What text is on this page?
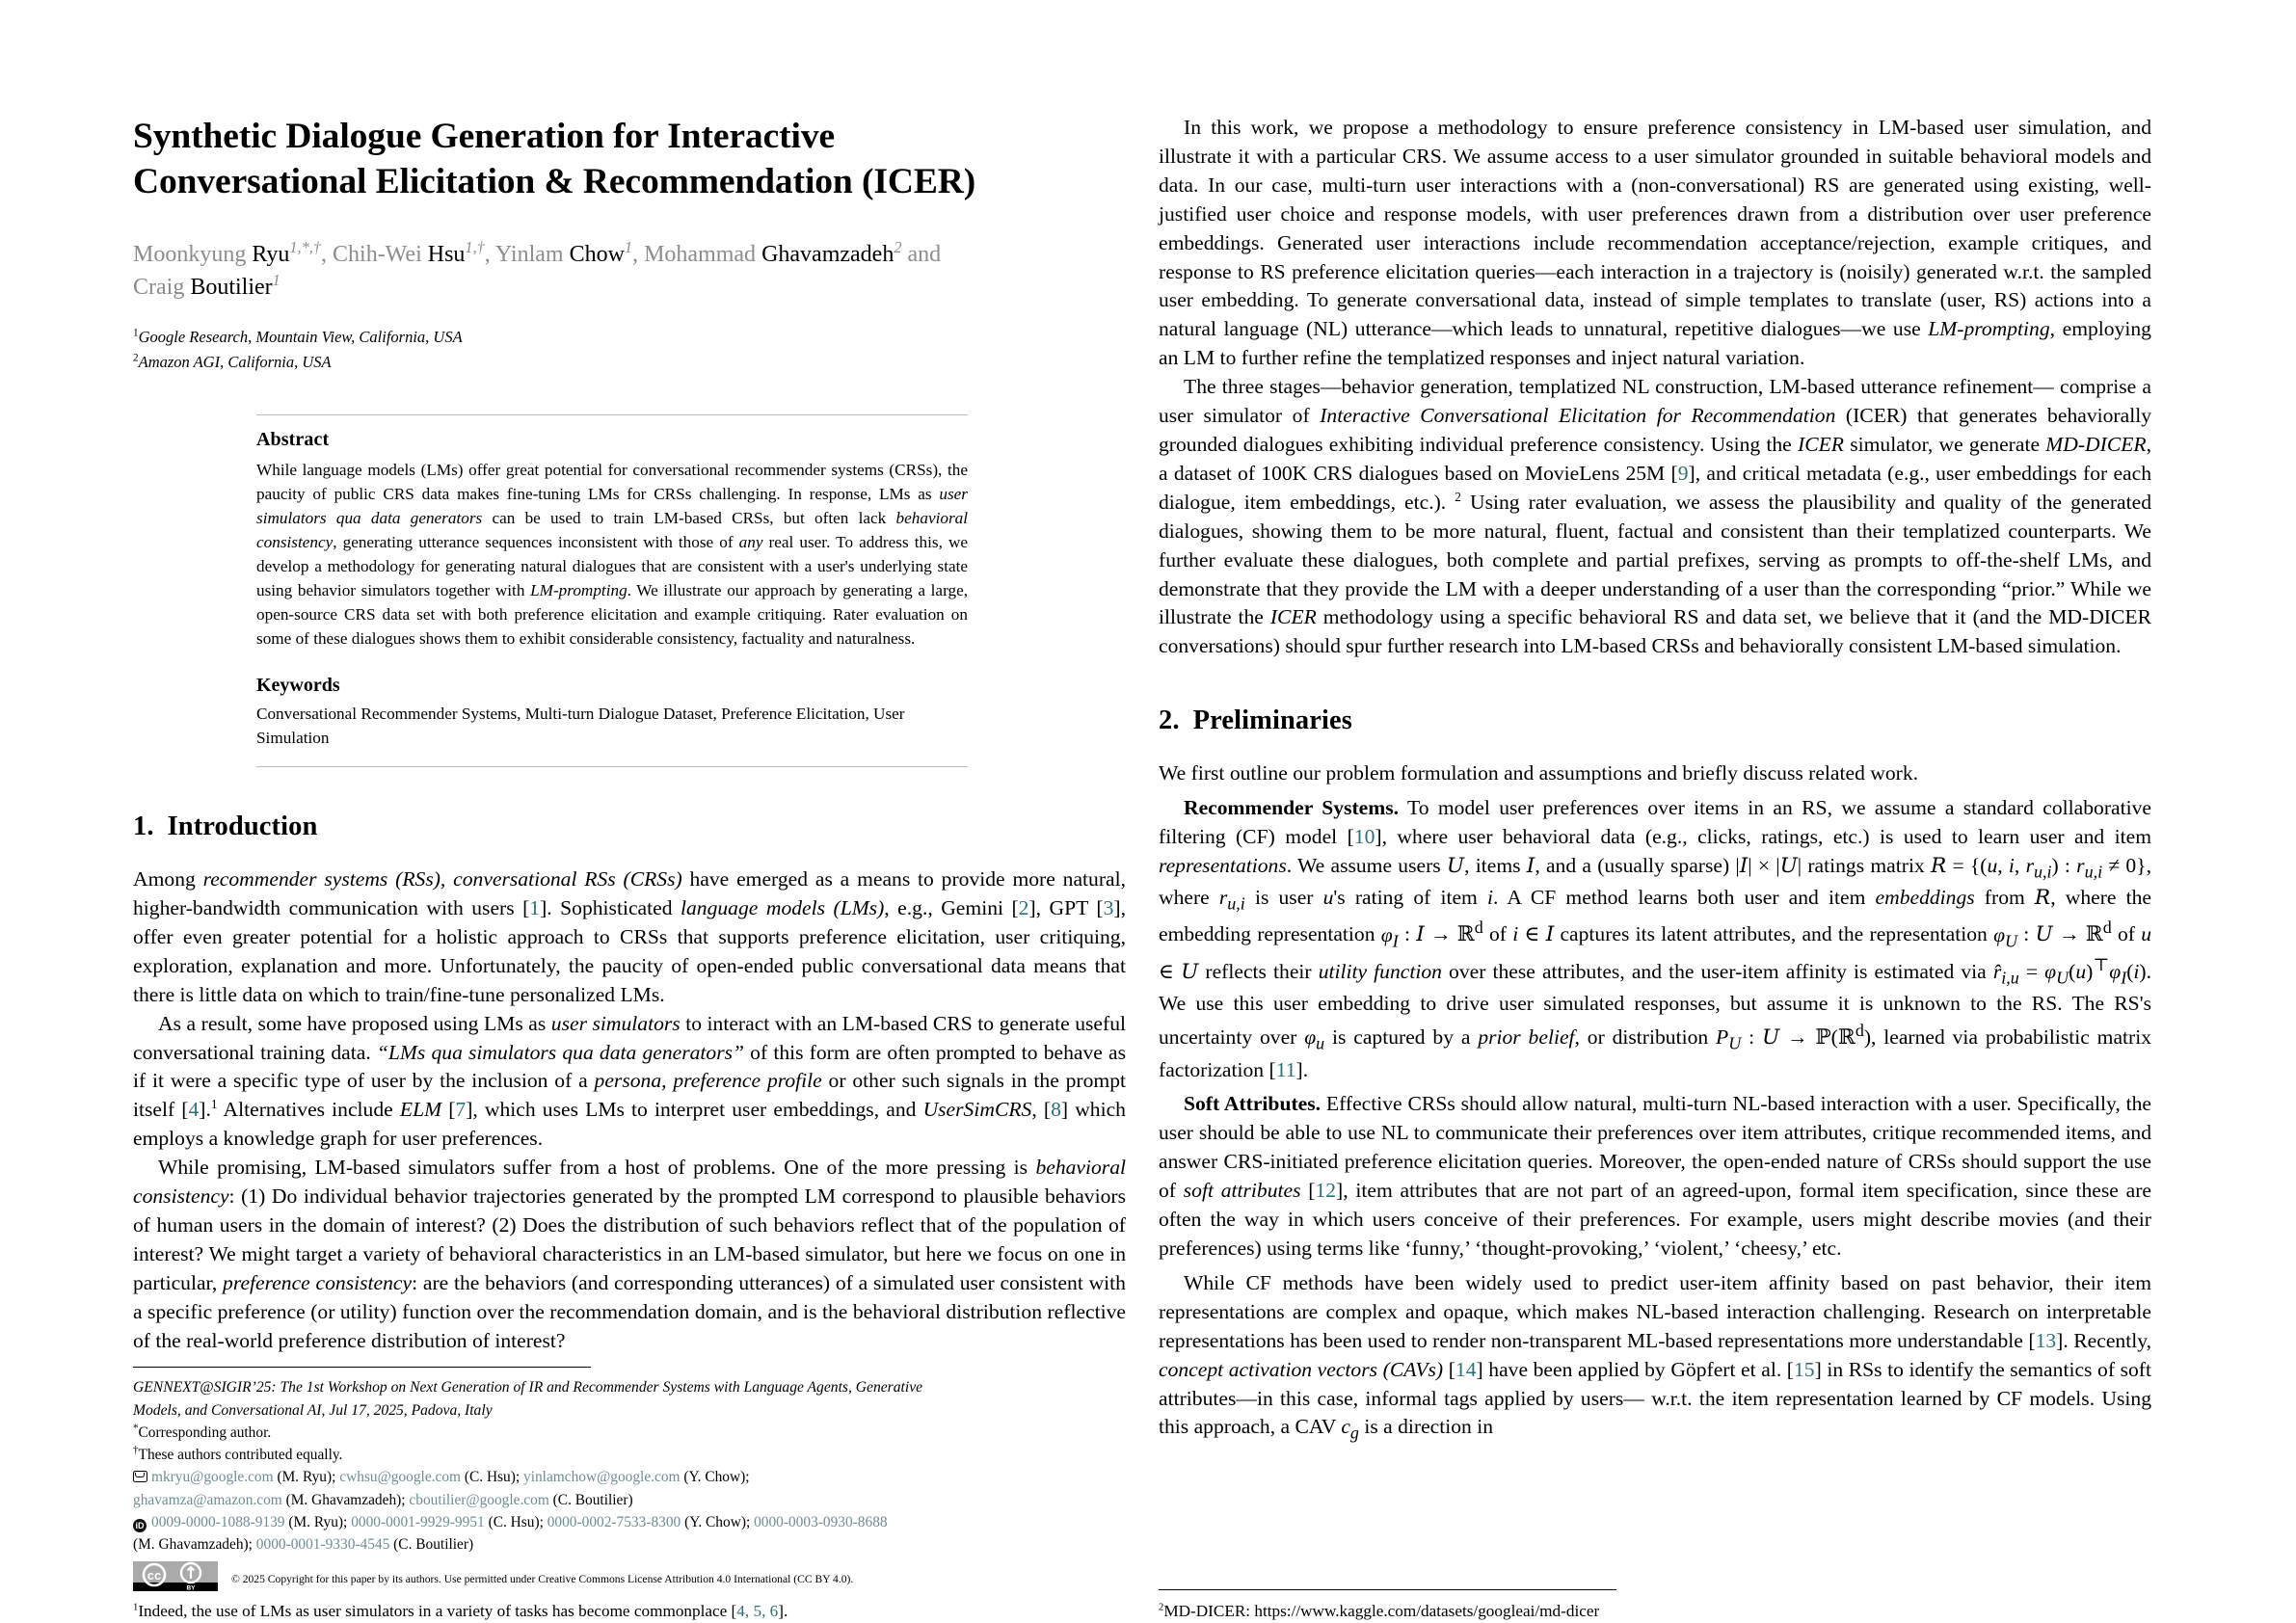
Synthetic Dialogue Generation for Interactive
Conversational Elicitation & Recommendation (ICER)
Moonkyung Ryu$^{1,*,\dagger}$, Chih-Wei Hsu$^{1,\dagger}$, Yinlam Chow$^1$, Mohammad Ghavamzadeh$^2$ and
Craig Boutilier$^1$
$^1$Google Research, Mountain View, California, USA
$^2$Amazon AGI, California, USA
Abstract
While language models (LMs) offer great potential for conversational recommender systems (CRSs), the paucity of public CRS data makes fine-tuning LMs for CRSs challenging. In response, LMs as user simulators qua data generators can be used to train LM-based CRSs, but often lack behavioral consistency, generating utterance sequences inconsistent with those of any real user. To address this, we develop a methodology for generating natural dialogues that are consistent with a user's underlying state using behavior simulators together with LM-prompting. We illustrate our approach by generating a large, open-source CRS data set with both preference elicitation and example critiquing. Rater evaluation on some of these dialogues shows them to exhibit considerable consistency, factuality and naturalness.
Keywords
Conversational Recommender Systems, Multi-turn Dialogue Dataset, Preference Elicitation, User Simulation
1. Introduction

Among recommender systems (RSs), conversational RSs (CRSs) have emerged as a means to provide more natural, higher-bandwidth communication with users [1]. Sophisticated language models (LMs), e.g., Gemini [2], GPT [3], offer even greater potential for a holistic approach to CRSs that supports preference elicitation, user critiquing, exploration, explanation and more. Unfortunately, the paucity of open-ended public conversational data means that there is little data on which to train/fine-tune personalized LMs.

As a result, some have proposed using LMs as user simulators to interact with an LM-based CRS to generate useful conversational training data. “LMs qua simulators qua data generators” of this form are often prompted to behave as if it were a specific type of user by the inclusion of a persona, preference profile or other such signals in the prompt itself [4].$^1$ Alternatives include ELM [7], which uses LMs to interpret user embeddings, and UserSimCRS, [8] which employs a knowledge graph for user preferences.

While promising, LM-based simulators suffer from a host of problems. One of the more pressing is behavioral consistency: (1) Do individual behavior trajectories generated by the prompted LM correspond to plausible behaviors of human users in the domain of interest? (2) Does the distribution of such behaviors reflect that of the population of interest? We might target a variety of behavioral characteristics in an LM-based simulator, but here we focus on one in particular, preference consistency: are the behaviors (and corresponding utterances) of a simulated user consistent with a specific preference (or utility) function over the recommendation domain, and is the behavioral distribution reflective of the real-world preference distribution of interest?

GENNEXT@SIGIR’25: The 1st Workshop on Next Generation of IR and Recommender Systems with Language Agents, Generative

Models, and Conversational AI, Jul 17, 2025, Padova, Italy

*Corresponding author.

†These authors contributed equally.

mkryu@google.com (M. Ryu); cwhsu@google.com (C. Hsu); yinlamchow@google.com (Y. Chow);

ghavamza@amazon.com (M. Ghavamzadeh); cboutilier@google.com (C. Boutilier)

iD 0009-0000-1088-9139 (M. Ryu); 0000-0001-9929-9951 (C. Hsu); 0000-0002-7533-8300 (Y. Chow); 0000-0003-0930-8688

(M. Ghavamzadeh); 0000-0001-9330-4545 (C. Boutilier)

cc
BY
© 2025 Copyright for this paper by its authors. Use permitted under Creative Commons License Attribution 4.0 International (CC BY 4.0).

$^1$Indeed, the use of LMs as user simulators in a variety of tasks has become commonplace [4, 5, 6].

In this work, we propose a methodology to ensure preference consistency in LM-based user simulation, and illustrate it with a particular CRS. We assume access to a user simulator grounded in suitable behavioral models and data. In our case, multi-turn user interactions with a (non-conversational) RS are generated using existing, well-justified user choice and response models, with user preferences drawn from a distribution over user preference embeddings. Generated user interactions include recommendation acceptance/rejection, example critiques, and response to RS preference elicitation queries—each interaction in a trajectory is (noisily) generated w.r.t. the sampled user embedding. To generate conversational data, instead of simple templates to translate (user, RS) actions into a natural language (NL) utterance—which leads to unnatural, repetitive dialogues—we use LM-prompting, employing an LM to further refine the templatized responses and inject natural variation.

The three stages—behavior generation, templatized NL construction, LM-based utterance refinement— comprise a user simulator of Interactive Conversational Elicitation for Recommendation (ICER) that generates behaviorally grounded dialogues exhibiting individual preference consistency. Using the ICER simulator, we generate MD-DICER, a dataset of 100K CRS dialogues based on MovieLens 25M [9], and critical metadata (e.g., user embeddings for each dialogue, item embeddings, etc.). $^2$ Using rater evaluation, we assess the plausibility and quality of the generated dialogues, showing them to be more natural, fluent, factual and consistent than their templatized counterparts. We further evaluate these dialogues, both complete and partial prefixes, serving as prompts to off-the-shelf LMs, and demonstrate that they provide the LM with a deeper understanding of a user than the corresponding “prior.” While we illustrate the ICER methodology using a specific behavioral RS and data set, we believe that it (and the MD-DICER conversations) should spur further research into LM-based CRSs and behaviorally consistent LM-based simulation.

2. Preliminaries

We first outline our problem formulation and assumptions and briefly discuss related work.

Recommender Systems. To model user preferences over items in an RS, we assume a standard collaborative filtering (CF) model [10], where user behavioral data (e.g., clicks, ratings, etc.) is used to learn user and item representations. We assume users U, items I, and a (usually sparse) |I| × |U| ratings matrix R = {(u, i, $r_{u,i}$) : $r_{u,i} \ne 0$}, where $r_{u,i}$ is user u's rating of item i. A CF method learns both user and item embeddings from R, where the embedding representation $\varphi_I$ : I → ℝ$^d$ of i ∈ I captures its latent attributes, and the representation $\varphi_U$ : U → ℝ$^d$ of u ∈ U reflects their utility function over these attributes, and the user-item affinity is estimated via $r̂_{i,u} = \varphi_U(u)^⊤\varphi_I(i)$. We use this user embedding to drive user simulated responses, but assume it is unknown to the RS. The RS's uncertainty over $\varphi_u$ is captured by a prior belief, or distribution $P_U$ : U → ℙ(ℝ$^d$), learned via probabilistic matrix factorization [11].

Soft Attributes. Effective CRSs should allow natural, multi-turn NL-based interaction with a user. Specifically, the user should be able to use NL to communicate their preferences over item attributes, critique recommended items, and answer CRS-initiated preference elicitation queries. Moreover, the open-ended nature of CRSs should support the use of soft attributes [12], item attributes that are not part of an agreed-upon, formal item specification, since these are often the way in which users conceive of their preferences. For example, users might describe movies (and their preferences) using terms like ‘funny,’ ‘thought-provoking,’ ‘violent,’ ‘cheesy,’ etc.

While CF methods have been widely used to predict user-item affinity based on past behavior, their item representations are complex and opaque, which makes NL-based interaction challenging. Research on interpretable representations has been used to render non-transparent ML-based representations more understandable [13]. Recently, concept activation vectors (CAVs) [14] have been applied by Göpfert et al. [15] in RSs to identify the semantics of soft attributes—in this case, informal tags applied by users— w.r.t. the item representation learned by CF models. Using this approach, a CAV $c_g$ is a direction in

$^2$MD-DICER: https://www.kaggle.com/datasets/googleai/md-dicer
